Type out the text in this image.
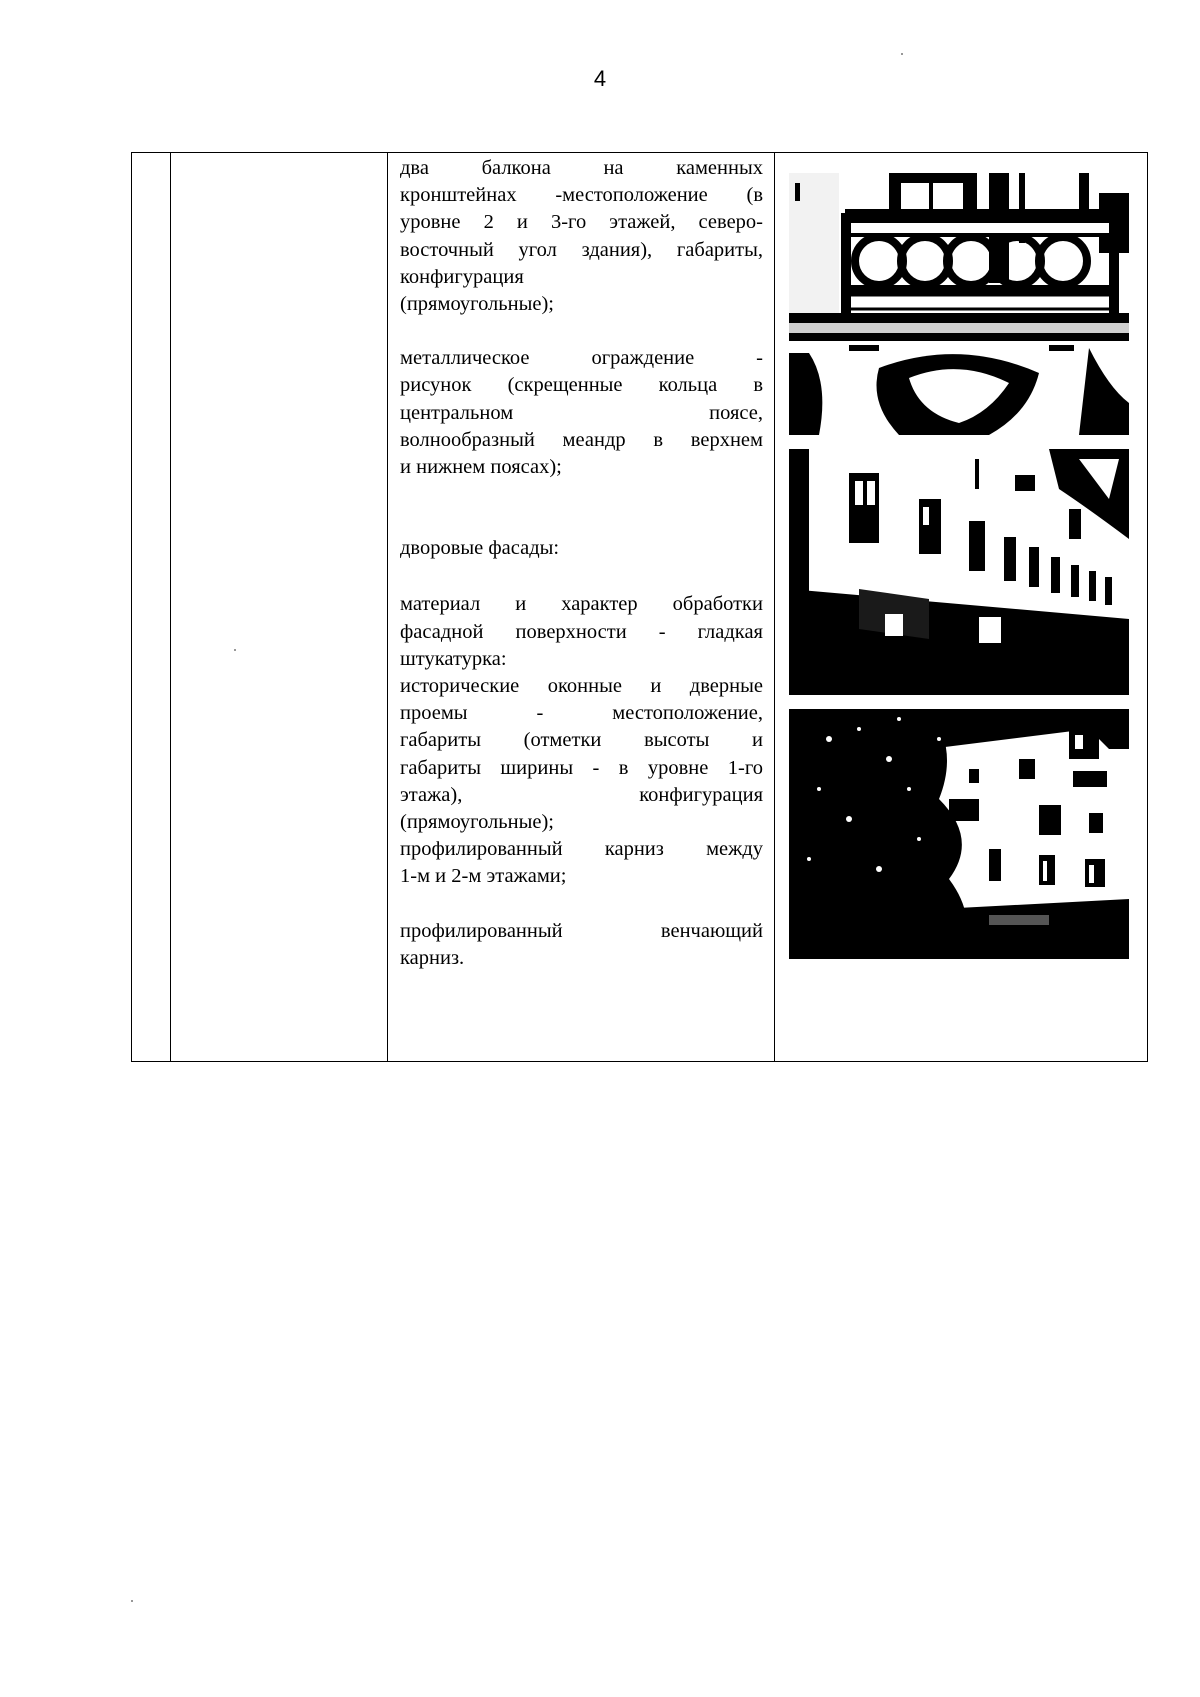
4

два балконa на каменных
кронштейнах -местоположение (в
уровне 2 и 3-го этажей, северо-
восточный угол здания), габариты,
конфигурация
(прямоугольные);
металлическое ограждение -
рисунок (скрещенные кольца в
центральном поясе,
волнообразный меандр в верхнем
и нижнем поясах);
дворовые фасады:
материал и характер обработки
фасадной поверхности - гладкая
штукатурка:
исторические оконные и дверные
проемы - местоположение,
габариты (отметки высоты и
габариты ширины - в уровне 1-го
этажа), конфигурация
(прямоугольные);
профилированный карниз между
1-м и 2-м этажами;
профилированный венчающий
карниз.
